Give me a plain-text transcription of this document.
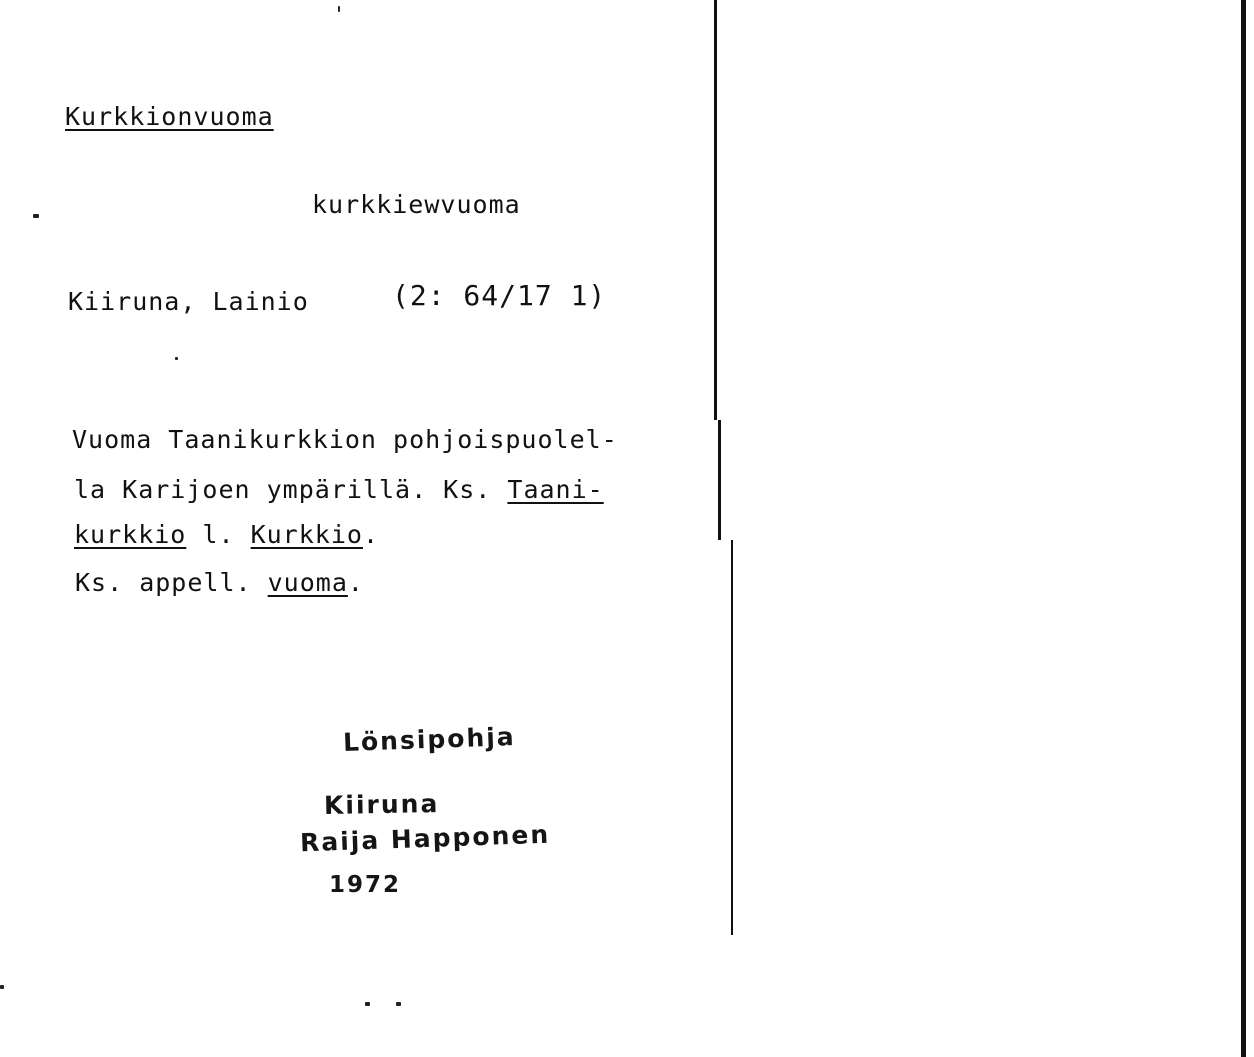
Kurkkionvuoma
kurkkiewvuoma
Kiiruna, Lainio	(2: 64/17 1)
Vuoma Taanikurkkion pohjoispuolel-
la Karijoen ympärillä. Ks. Taani-
kurkkio l. Kurkkio.
Ks. appell. vuoma.
Lönsipohja
Kiiruna
Raija Happonen
1972
